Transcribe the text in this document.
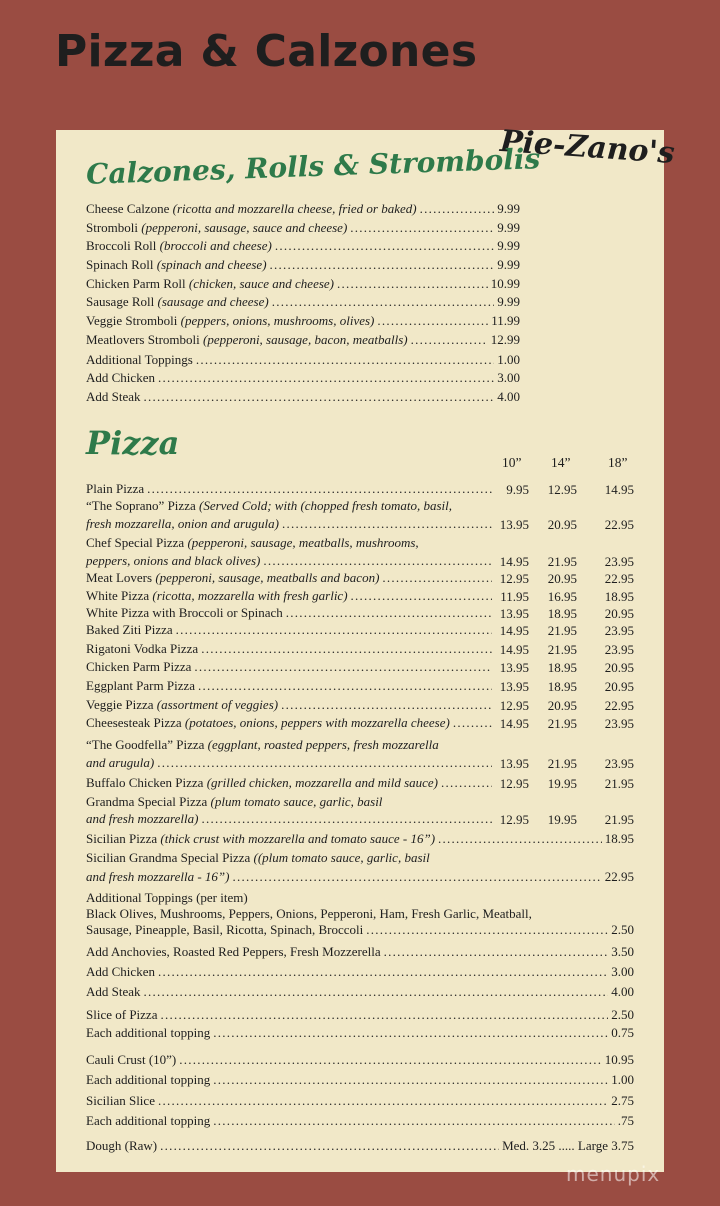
Pizza & Calzones
Pie-Zano's
Calzones, Rolls & Strombolis
Cheese Calzone (ricotta and mozzarella cheese, fried or baked) . . .	9.99
Stromboli (pepperoni, sausage, sauce and cheese) . . .	9.99
Broccoli Roll (broccoli and cheese) . . .	9.99
Spinach Roll (spinach and cheese) . . .	9.99
Chicken Parm Roll (chicken, sauce and cheese) . . .	10.99
Sausage Roll (sausage and cheese) . . .	9.99
Veggie Stromboli (peppers, onions, mushrooms, olives) . . .	11.99
Meatlovers Stromboli (pepperoni, sausage, bacon, meatballs) . . .	12.99
Additional Toppings . . .	1.00
Add Chicken . . .	3.00
Add Steak . . .	4.00
Pizza
10” 14”	18”
Plain Pizza . . .	9.95	12.95	14.95
“The Soprano” Pizza (Served Cold; with (chopped fresh tomato, basil,
fresh mozzarella, onion and arugula) . . .	13.95	20.95	22.95
Chef Special Pizza (pepperoni, sausage, meatballs, mushrooms,
peppers, onions and black olives) . . .	14.95	21.95	23.95
Meat Lovers (pepperoni, sausage, meatballs and bacon) . . .	12.95	20.95	22.95
White Pizza (ricotta, mozzarella with fresh garlic) . . .	11.95	16.95	18.95
White Pizza with Broccoli or Spinach . . .	13.95	18.95	20.95
Baked Ziti Pizza . . .	14.95	21.95	23.95
Rigatoni Vodka Pizza . . .	14.95	21.95	23.95
Chicken Parm Pizza . . .	13.95	18.95	20.95
Eggplant Parm Pizza . . .	13.95	18.95	20.95
Veggie Pizza (assortment of veggies) . . .	12.95	20.95	22.95
Cheesesteak Pizza (potatoes, onions, peppers with mozzarella cheese) . . .	14.95	21.95	23.95
“The Goodfella” Pizza (eggplant, roasted peppers, fresh mozzarella
and arugula) . . .	13.95	21.95	23.95
Buffalo Chicken Pizza (grilled chicken, mozzarella and mild sauce) . . .	12.95	19.95	21.95
Grandma Special Pizza (plum tomato sauce, garlic, basil
and fresh mozzarella) . . .	12.95	19.95	21.95
Sicilian Pizza (thick crust with mozzarella and tomato sauce - 16”) . . .	18.95
Sicilian Grandma Special Pizza ((plum tomato sauce, garlic, basil
and fresh mozzarella - 16”) . . .	22.95
Additional Toppings (per item)
Black Olives, Mushrooms, Peppers, Onions, Pepperoni, Ham, Fresh Garlic, Meatball,
Sausage, Pineapple, Basil, Ricotta, Spinach, Broccoli . . .	2.50
Add Anchovies, Roasted Red Peppers, Fresh Mozzerella . . .	3.50
Add Chicken . . .	3.00
Add Steak . . .	4.00
Slice of Pizza . . .	2.50
Each additional topping . . .	0.75
Cauli Crust (10”) . . .	10.95
Each additional topping . . .	1.00
Sicilian Slice . . .	2.75
Each additional topping . . .	.75
Dough (Raw) . . .	Med. 3.25 ..... Large 3.75
menupix
